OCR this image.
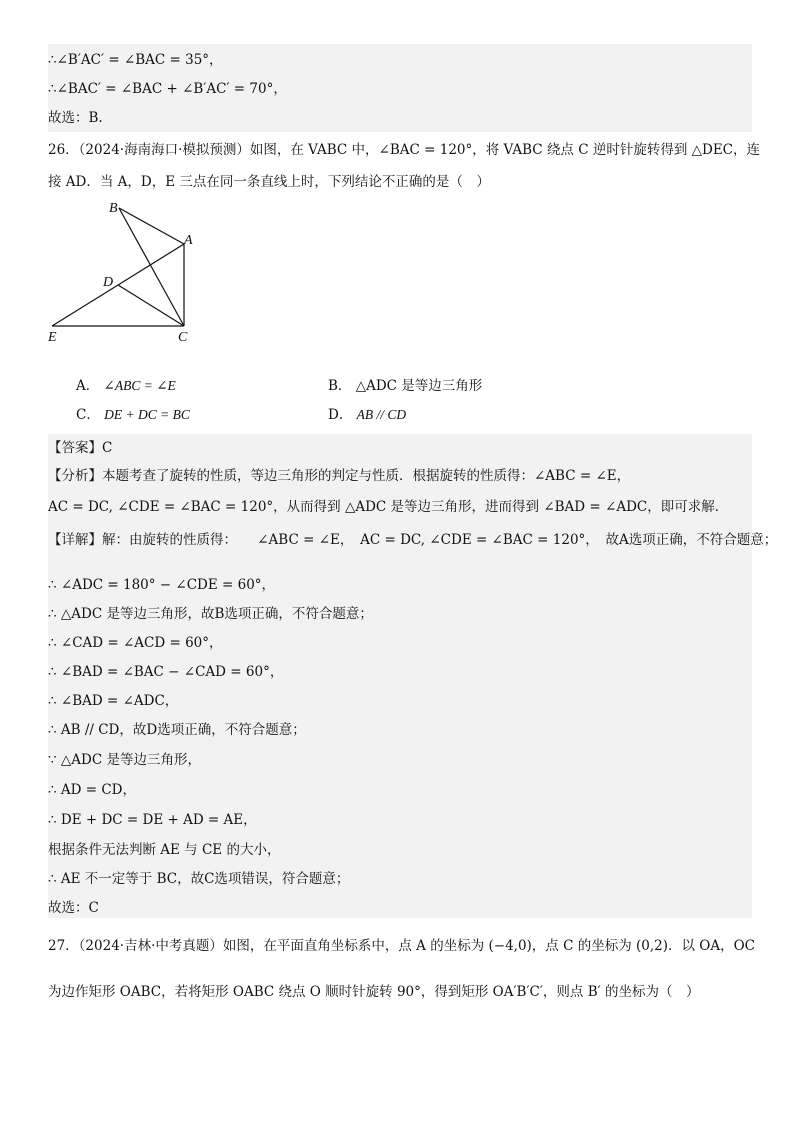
∴∠B′AC′ = ∠BAC = 35°，
∴∠BAC′ = ∠BAC + ∠B′AC′ = 70°，
故选：B.
26．（2024·海南海口·模拟预测）如图，在 VABC 中，∠BAC = 120°，将 VABC 绕点 C 逆时针旋转得到 △DEC，连
接 AD．当 A，D，E 三点在同一条直线上时，下列结论不正确的是（　）
B
A
D
E	C
A． ∠ABC = ∠E	B． △ADC 是等边三角形
C． DE + DC = BC	D． AB // CD
【答案】C
【分析】本题考查了旋转的性质，等边三角形的判定与性质．根据旋转的性质得：∠ABC = ∠E，
AC = DC, ∠CDE = ∠BAC = 120°，从而得到 △ADC 是等边三角形，进而得到 ∠BAD = ∠ADC，即可求解．
【详解】解：由旋转的性质得：　　∠ABC = ∠E，　AC = DC, ∠CDE = ∠BAC = 120°，　故A选项正确，不符合题意；
∴ ∠ADC = 180° − ∠CDE = 60°，
∴ △ADC 是等边三角形，故B选项正确，不符合题意；
∴ ∠CAD = ∠ACD = 60°，
∴ ∠BAD = ∠BAC − ∠CAD = 60°，
∴ ∠BAD = ∠ADC，
∴ AB // CD，故D选项正确，不符合题意；
∵ △ADC 是等边三角形，
∴ AD = CD，
∴ DE + DC = DE + AD = AE，
根据条件无法判断 AE 与 CE 的大小，
∴ AE 不一定等于 BC，故C选项错误，符合题意；
故选：C
27．（2024·吉林·中考真题）如图，在平面直角坐标系中，点 A 的坐标为 (−4,0)，点 C 的坐标为 (0,2)．以 OA，OC
为边作矩形 OABC，若将矩形 OABC 绕点 O 顺时针旋转 90°，得到矩形 OA′B′C′，则点 B′ 的坐标为（　）
